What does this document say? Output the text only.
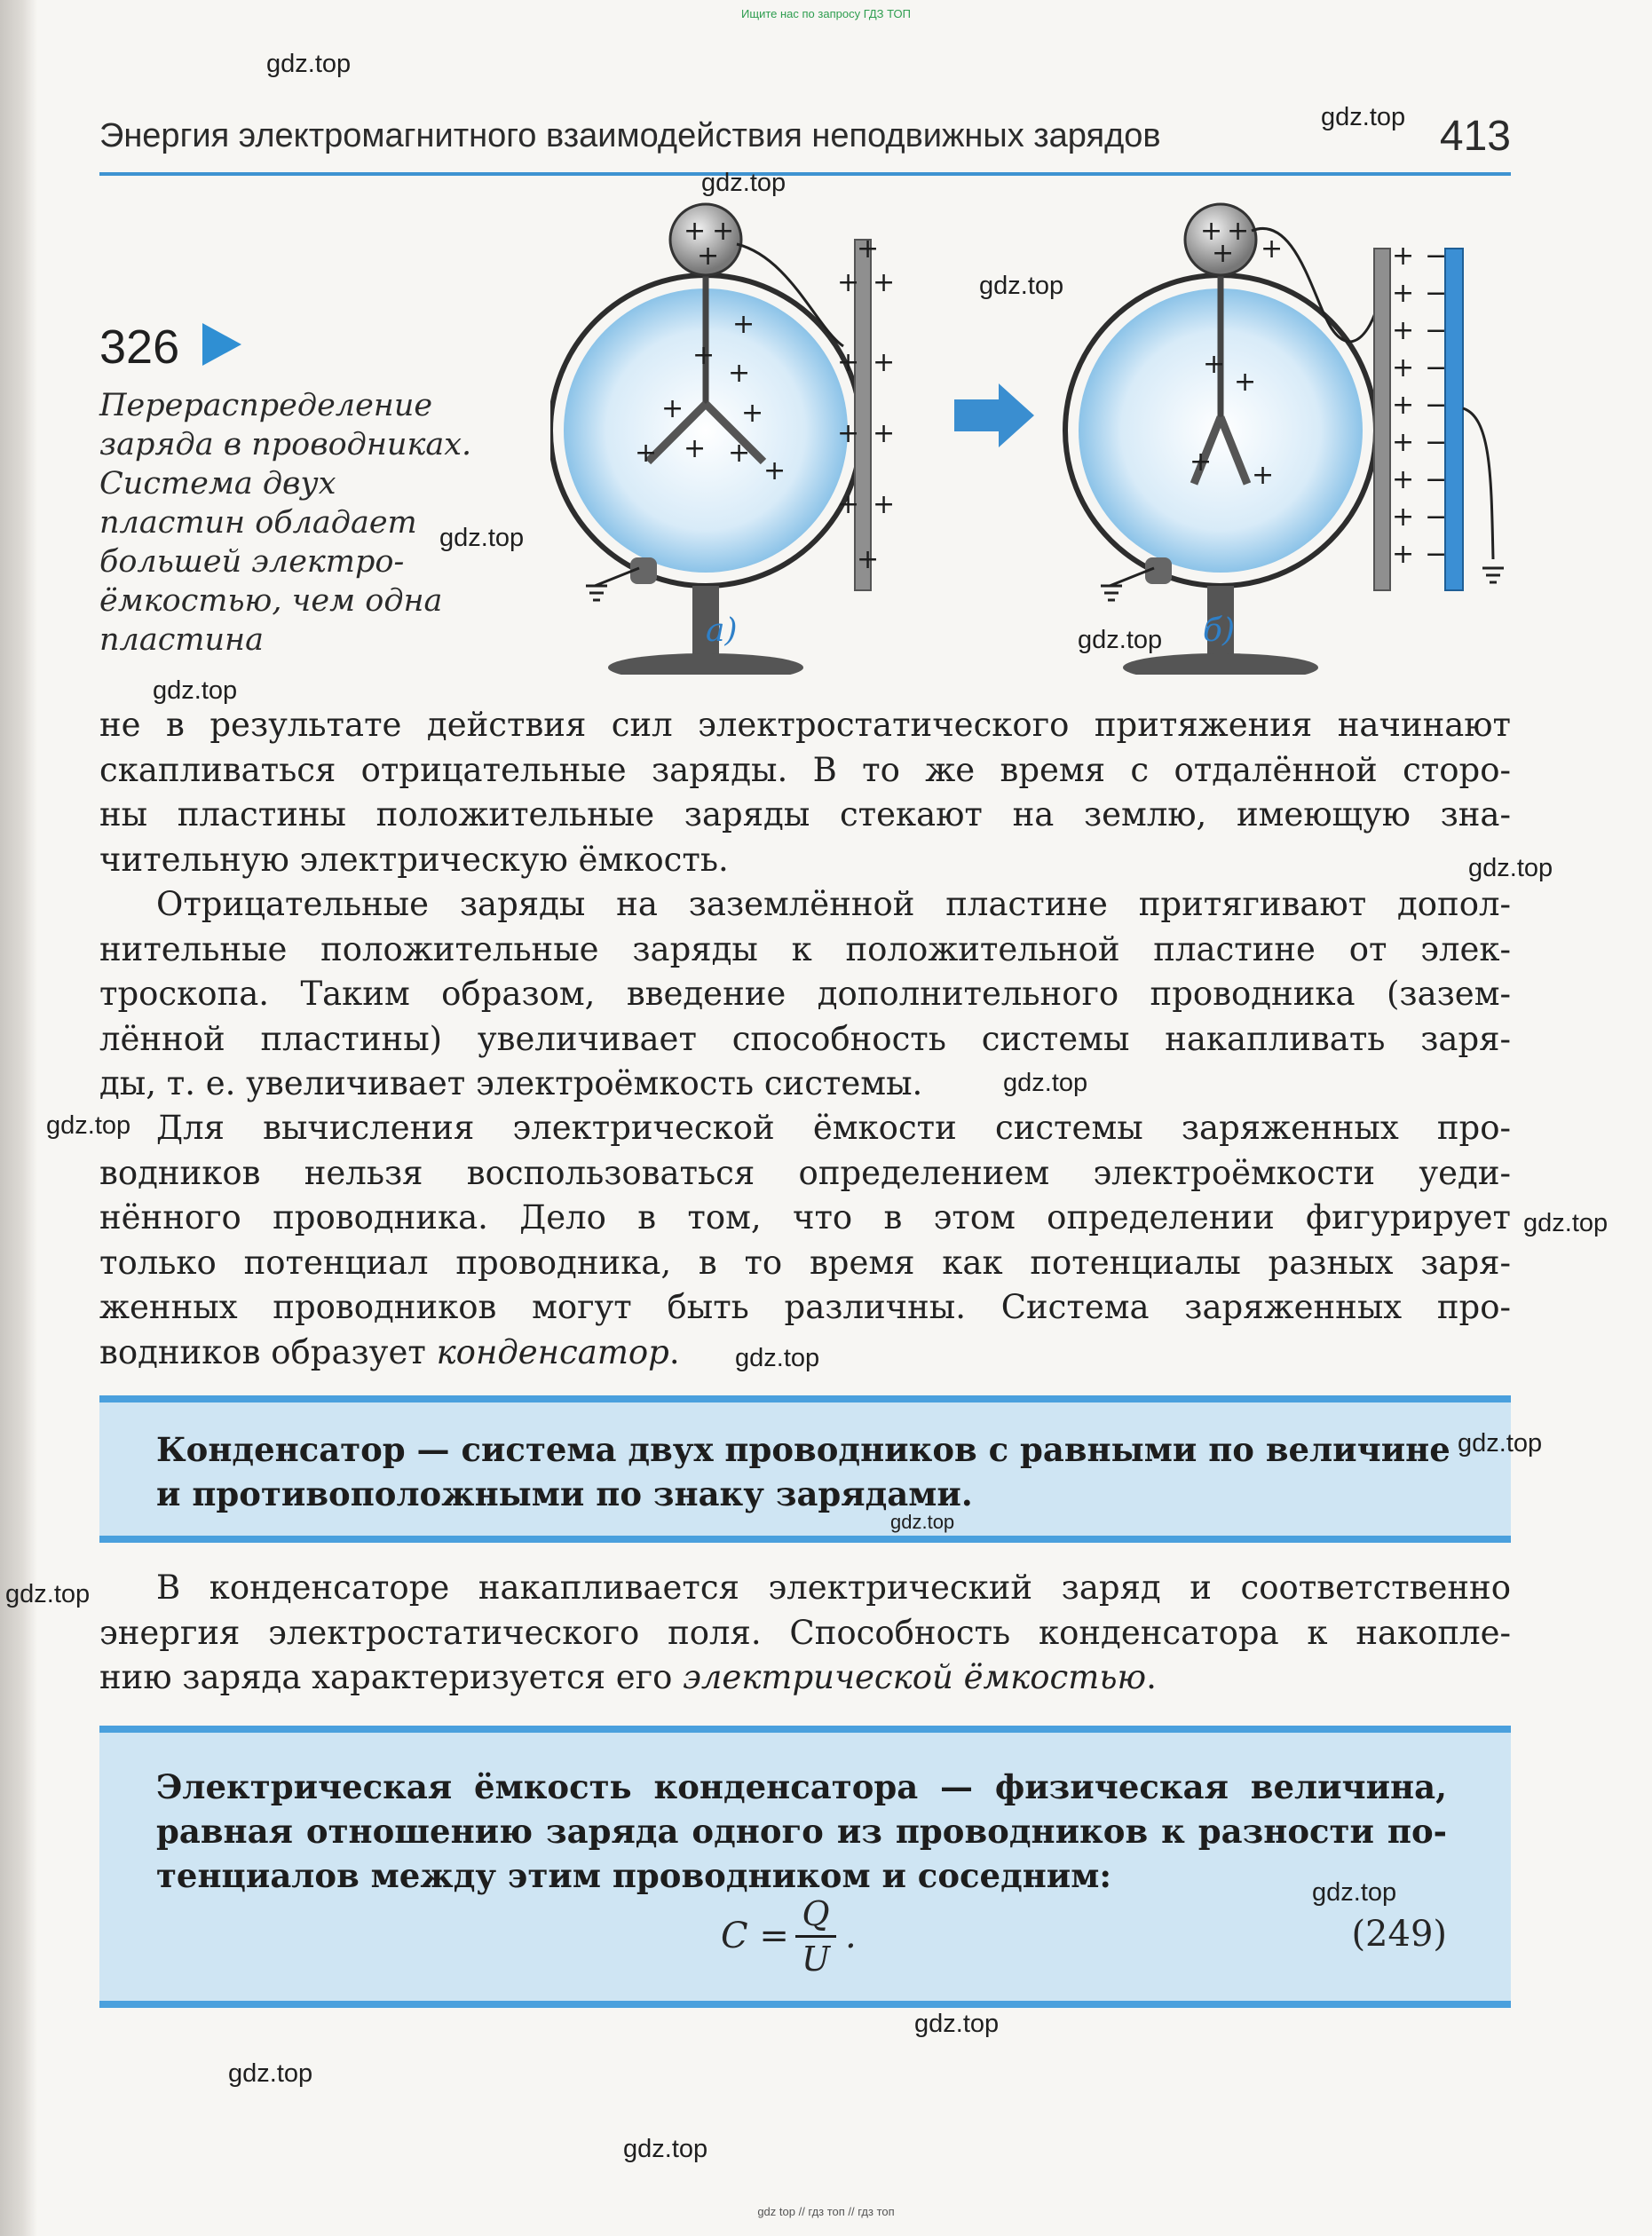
Ищите нас по запросу ГДЗ ТОП
Энергия электромагнитного взаимодействия неподвижных зарядов	413
326
Перераспределение
заряда в проводниках.
Система двух
пластин обладает
большей электро-
ёмкостью, чем одна
пластина
+ +
+
+
+
+
+ +
+ +
+
+
+ +
+ +
+ +
+ +
+
+
+ +
+ +
+
+
+ +
+
+
+
+
+
+
+
+
+
−
−
−
−
−
−
−
−
−
а)	б)
не в результате действия сил электростатического притяжения начинают
скапливаться отрицательные заряды. В то же время с отдалённой сторо-
ны пластины положительные заряды стекают на землю, имеющую зна-
чительную электрическую ёмкость.
Отрицательные заряды на заземлённой пластине притягивают допол-
нительные положительные заряды к положительной пластине от элек-
троскопа. Таким образом, введение дополнительного проводника (зазем-
лённой пластины) увеличивает способность системы накапливать заря-
ды, т. е. увеличивает электроёмкость системы.
Для вычисления электрической ёмкости системы заряженных про-
водников нельзя воспользоваться определением электроёмкости уеди-
нённого проводника. Дело в том, что в этом определении фигурирует
только потенциал проводника, в то время как потенциалы разных заря-
женных проводников могут быть различны. Система заряженных про-
водников образует конденсатор.
Конденсатор — система двух проводников с равными по величине
и противоположными по знаку зарядами.
В конденсаторе накапливается электрический заряд и соответственно
энергия электростатического поля. Способность конденсатора к накопле-
нию заряда характеризуется его электрической ёмкостью.
Электрическая ёмкость конденсатора — физическая величина,
равная отношению заряда одного из проводников к разности по-
тенциалов между этим проводником и соседним:
C =
Q
U
.	(249)
gdz.top
gdz.top
gdz.top
gdz.top
gdz.top
gdz.top
gdz.top
gdz.top
gdz.top
gdz.top
gdz.top
gdz.top
gdz.top
gdz.top
gdz.top
gdz.top
gdz.top
gdz.top
gdz.top
gdz top // гдз топ // гдз топ
